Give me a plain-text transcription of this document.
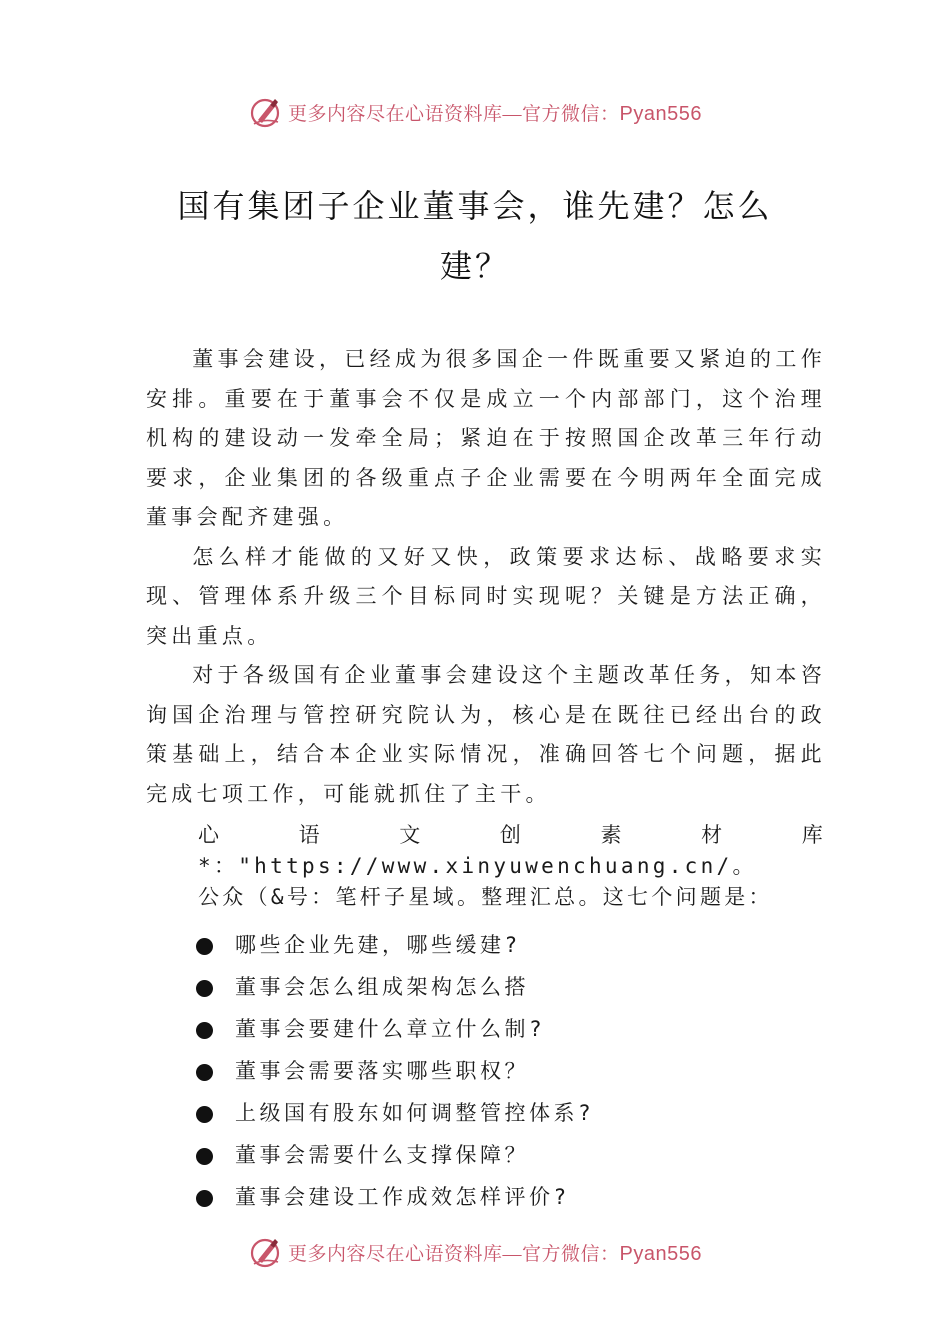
更多内容尽在心语资料库—官方微信：Pyan556
国有集团子企业董事会，谁先建？怎么
建？

董事会建设，已经成为很多国企一件既重要又紧迫的工作安排。重要在于董事会不仅是成立一个内部部门，这个治理机构的建设动一发牵全局；紧迫在于按照国企改革三年行动要求，企业集团的各级重点子企业需要在今明两年全面完成董事会配齐建强。

怎么样才能做的又好又快，政策要求达标、战略要求实现、管理体系升级三个目标同时实现呢？关键是方法正确， 突出重点。

对于各级国有企业董事会建设这个主题改革任务，知本咨询国企治理与管控研究院认为，核心是在既往已经出台的政策基础上，结合本企业实际情况，准确回答七个问题，据此完成七项工作，可能就抓住了主干。

心语文创素材库*："https://www.xinyuwenchuang.cn/。

公众（&号：笔杆子星域。整理汇总。这七个问题是：

哪些企业先建，哪些缓建?
董事会怎么组成架构怎么搭
董事会要建什么章立什么制?
董事会需要落实哪些职权？
上级国有股东如何调整管控体系?
董事会需要什么支撑保障？
董事会建设工作成效怎样评价?
更多内容尽在心语资料库—官方微信：Pyan556
